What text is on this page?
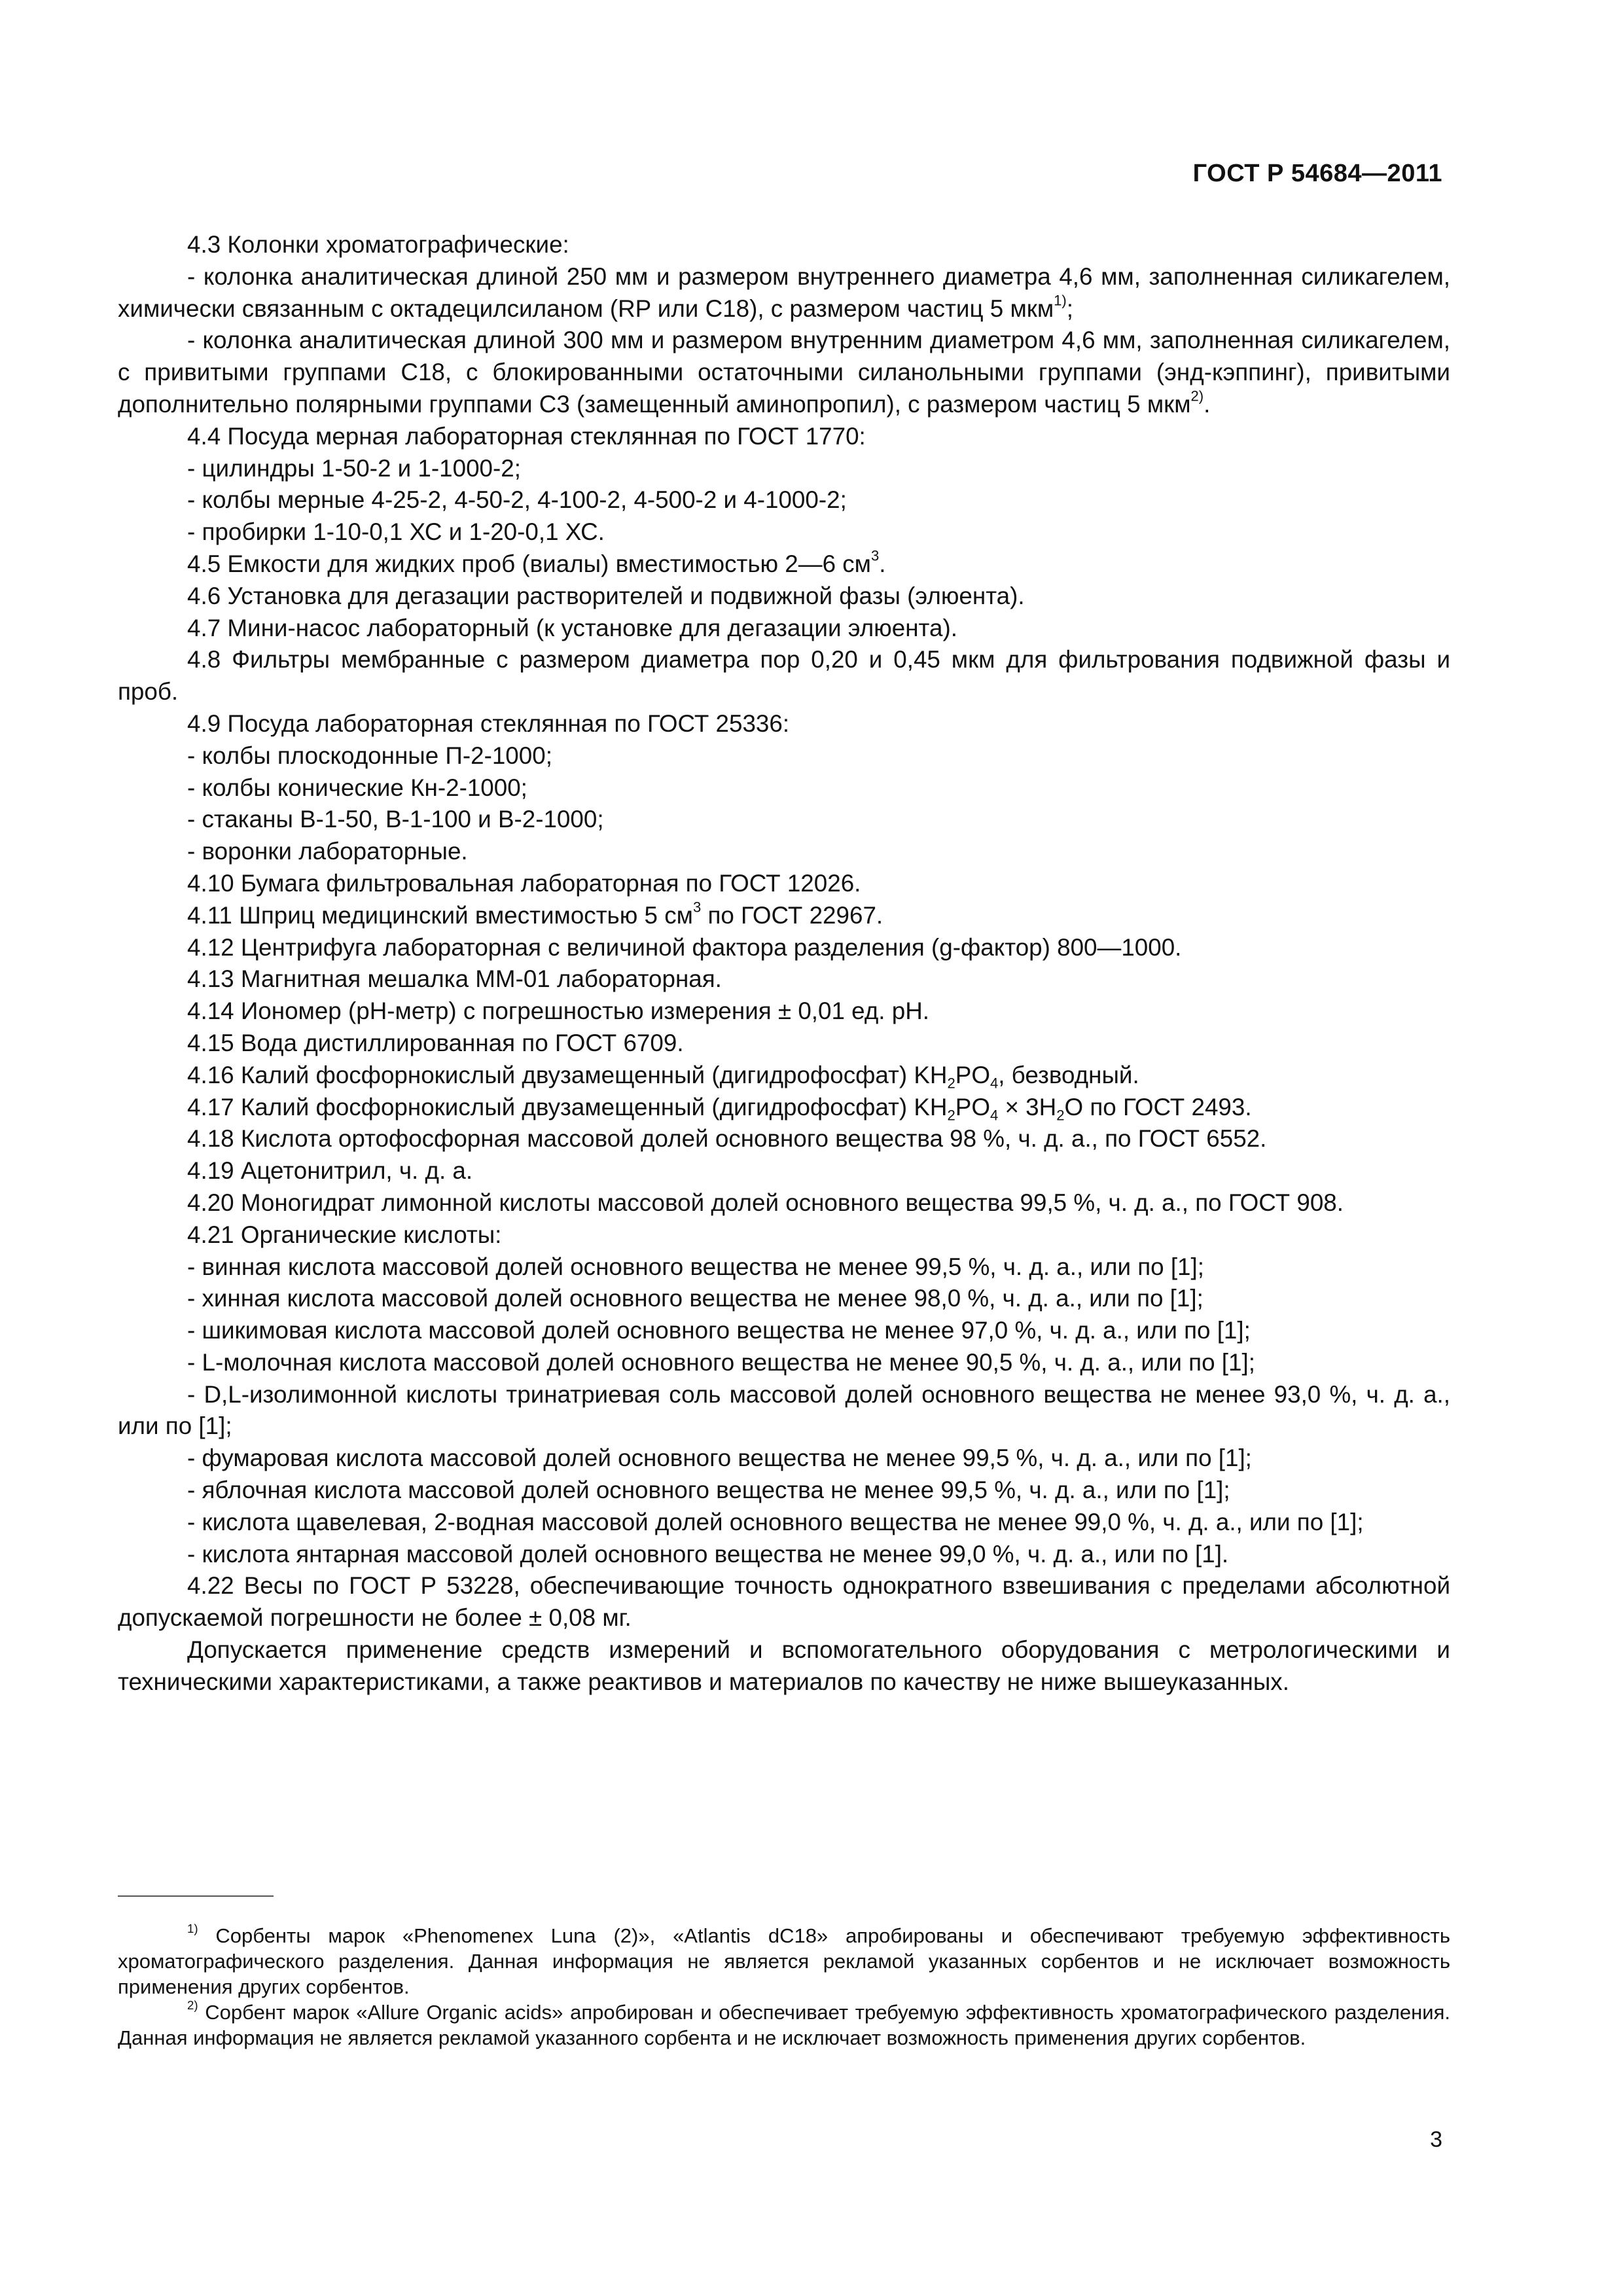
ГОСТ Р 54684—2011

4.3 Колонки хроматографические:

- колонка аналитическая длиной 250 мм и размером внутреннего диаметра 4,6 мм, заполненная силикагелем, химически связанным с октадецилсиланом (RP или C18), с размером частиц 5 мкм$^{1)}$;

- колонка аналитическая длиной 300 мм и размером внутренним диаметром 4,6 мм, заполненная силикагелем, с привитыми группами C18, с блокированными остаточными силанольными группами (энд-кэппинг), привитыми дополнительно полярными группами С3 (замещенный аминопропил), с размером частиц 5 мкм$^{2)}$.

4.4 Посуда мерная лабораторная стеклянная по ГОСТ 1770:

- цилиндры 1-50-2 и 1-1000-2;

- колбы мерные 4-25-2, 4-50-2, 4-100-2, 4-500-2 и 4-1000-2;

- пробирки 1-10-0,1 ХС и 1-20-0,1 ХС.

4.5 Емкости для жидких проб (виалы) вместимостью 2—6 $см^3$.

4.6 Установка для дегазации растворителей и подвижной фазы (элюента).

4.7 Мини-насос лабораторный (к установке для дегазации элюента).

4.8 Фильтры мембранные с размером диаметра пор 0,20 и 0,45 мкм для фильтрования подвижной фазы и проб.

4.9 Посуда лабораторная стеклянная по ГОСТ 25336:

- колбы плоскодонные П-2-1000;

- колбы конические Кн-2-1000;

- стаканы В-1-50, В-1-100 и В-2-1000;

- воронки лабораторные.

4.10 Бумага фильтровальная лабораторная по ГОСТ 12026.

4.11 Шприц медицинский вместимостью 5 $см^3$ по ГОСТ 22967.

4.12 Центрифуга лабораторная с величиной фактора разделения (g-фактор) 800—1000.

4.13 Магнитная мешалка ММ-01 лабораторная.

4.14 Иономер (рН-метр) с погрешностью измерения ± 0,01 ед. рН.

4.15 Вода дистиллированная по ГОСТ 6709.

4.16 Калий фосфорнокислый двузамещенный (дигидрофосфат) $KH_2PO_4$, безводный.

4.17 Калий фосфорнокислый двузамещенный (дигидрофосфат) $KH_2PO_4 \times 3H_2O$ по ГОСТ 2493.

4.18 Кислота ортофосфорная массовой долей основного вещества 98 %, ч. д. а., по ГОСТ 6552.

4.19 Ацетонитрил, ч. д. а.

4.20 Моногидрат лимонной кислоты массовой долей основного вещества 99,5 %, ч. д. а., по ГОСТ 908.

4.21 Органические кислоты:

- винная кислота массовой долей основного вещества не менее 99,5 %, ч. д. а., или по [1];

- хинная кислота массовой долей основного вещества не менее 98,0 %, ч. д. а., или по [1];

- шикимовая кислота массовой долей основного вещества не менее 97,0 %, ч. д. а., или по [1];

- L-молочная кислота массовой долей основного вещества не менее 90,5 %, ч. д. а., или по [1];

- D,L-изолимонной кислоты тринатриевая соль массовой долей основного вещества не менее 93,0 %, ч. д. а., или по [1];

- фумаровая кислота массовой долей основного вещества не менее 99,5 %, ч. д. а., или по [1];

- яблочная кислота массовой долей основного вещества не менее 99,5 %, ч. д. а., или по [1];

- кислота щавелевая, 2-водная массовой долей основного вещества не менее 99,0 %, ч. д. а., или по [1];

- кислота янтарная массовой долей основного вещества не менее 99,0 %, ч. д. а., или по [1].

4.22 Весы по ГОСТ Р 53228, обеспечивающие точность однократного взвешивания с пределами абсолютной допускаемой погрешности не более ± 0,08 мг.

Допускается применение средств измерений и вспомогательного оборудования с метрологическими и техническими характеристиками, а также реактивов и материалов по качеству не ниже вышеуказанных.

$^{1)}$ Сорбенты марок «Phenomenex Luna (2)», «Atlantis dC18» апробированы и обеспечивают требуемую эффективность хроматографического разделения. Данная информация не является рекламой указанных сорбентов и не исключает возможность применения других сорбентов.

$^{2)}$ Сорбент марок «Allure Organic acids» апробирован и обеспечивает требуемую эффективность хроматографического разделения. Данная информация не является рекламой указанного сорбента и не исключает возможность применения других сорбентов.

3
